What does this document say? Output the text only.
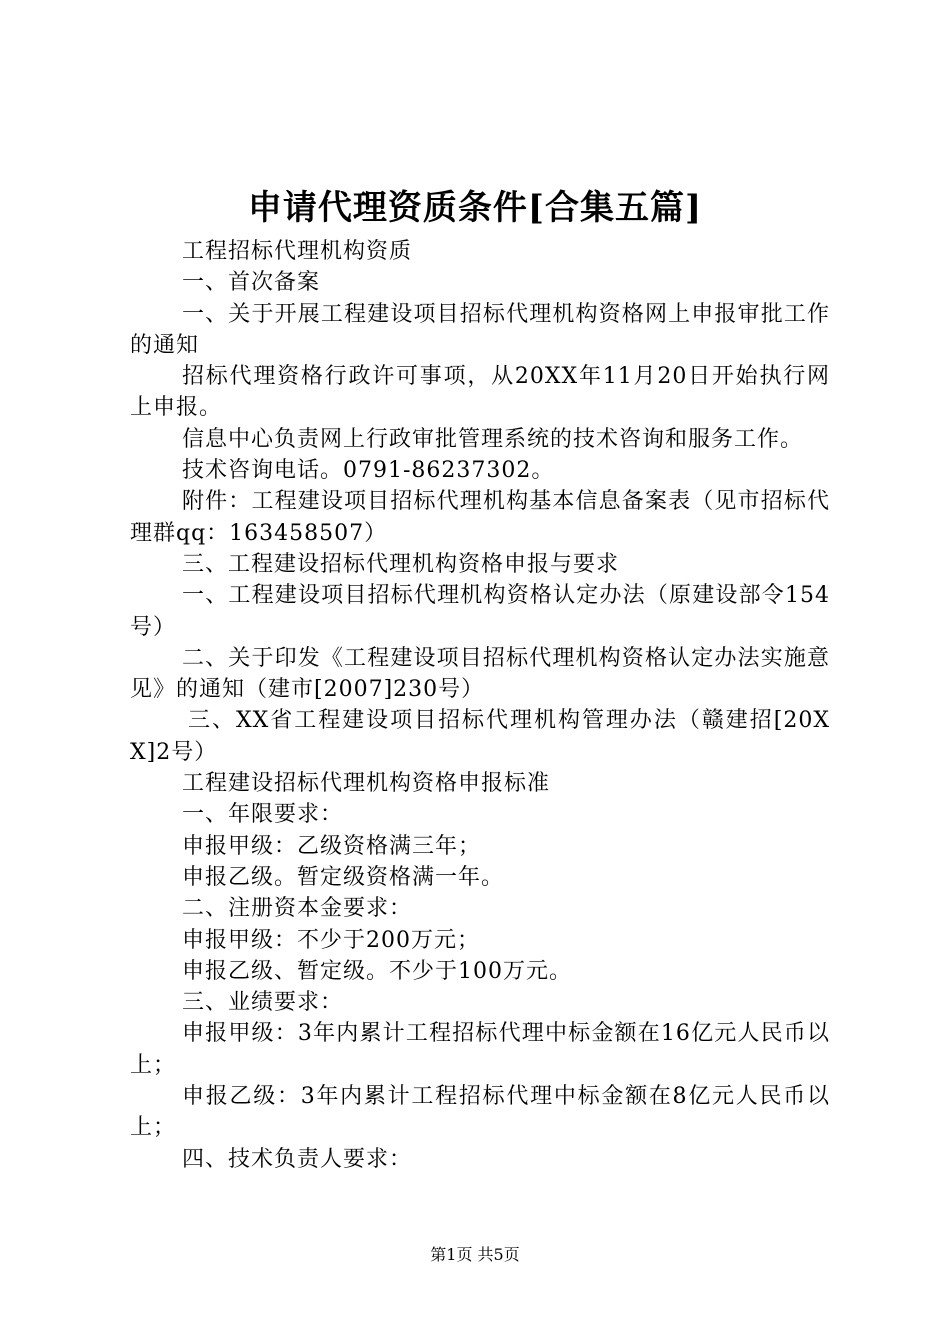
申请代理资质条件[合集五篇]

工程招标代理机构资质

一、首次备案

一、关于开展工程建设项目招标代理机构资格网上申报审批工作的通知

招标代理资格行政许可事项，从20XX年11月20日开始执行网上申报。

信息中心负责网上行政审批管理系统的技术咨询和服务工作。

技术咨询电话。0791-86237302。

附件：工程建设项目招标代理机构基本信息备案表（见市招标代理群qq：163458507）

三、工程建设招标代理机构资格申报与要求

一、工程建设项目招标代理机构资格认定办法（原建设部令154号）

二、关于印发《工程建设项目招标代理机构资格认定办法实施意见》的通知（建市[2007]230号）

三、XX省工程建设项目招标代理机构管理办法（赣建招[20XX]2号）

工程建设招标代理机构资格申报标准

一、年限要求：

申报甲级：乙级资格满三年；

申报乙级。暂定级资格满一年。

二、注册资本金要求：

申报甲级：不少于200万元；

申报乙级、暂定级。不少于100万元。

三、业绩要求：

申报甲级：3年内累计工程招标代理中标金额在16亿元人民币以上；

申报乙级：3年内累计工程招标代理中标金额在8亿元人民币以上；

四、技术负责人要求：

第1页 共5页
